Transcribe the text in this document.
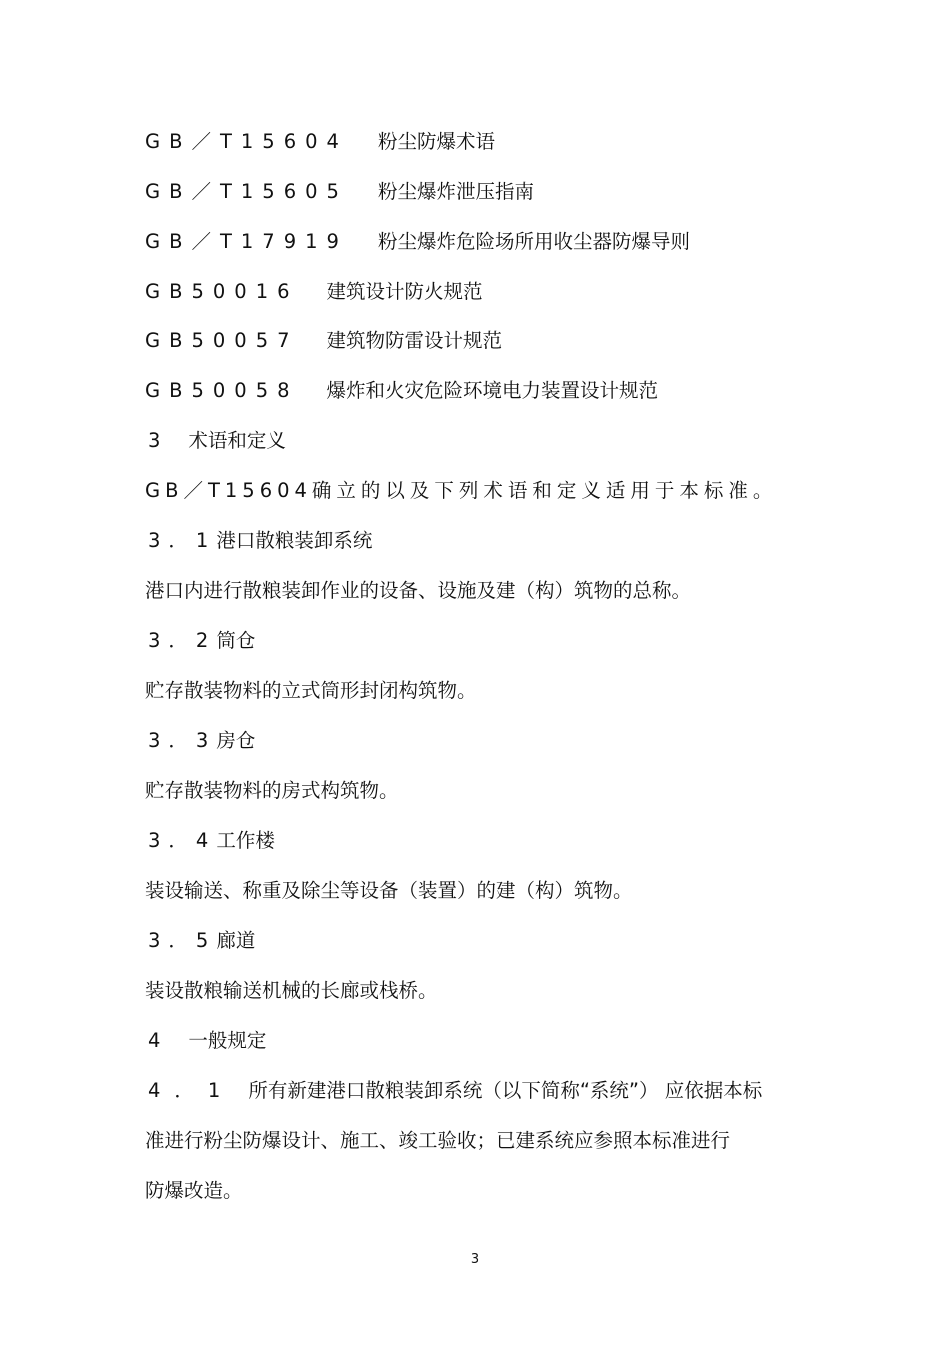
GB／T15604 粉尘防爆术语
GB／T15605 粉尘爆炸泄压指南
GB／T17919 粉尘爆炸危险场所用收尘器防爆导则
GB50016 建筑设计防火规范
GB50057 建筑物防雷设计规范
GB50058 爆炸和火灾危险环境电力装置设计规范
3 术语和定义
GB／T15604确立的以及下列术语和定义适用于本标准。
3．1港口散粮装卸系统
港口内进行散粮装卸作业的设备、设施及建（构）筑物的总称。
3．2筒仓
贮存散装物料的立式筒形封闭构筑物。
3．3房仓
贮存散装物料的房式构筑物。
3．4工作楼
装设输送、称重及除尘等设备（装置）的建（构）筑物。
3．5廊道
装设散粮输送机械的长廊或栈桥。
4 一般规定
4．1 所有新建港口散粮装卸系统（以下简称“系统”） 应依据本标
准进行粉尘防爆设计、施工、竣工验收；已建系统应参照本标准进行
防爆改造。
3
